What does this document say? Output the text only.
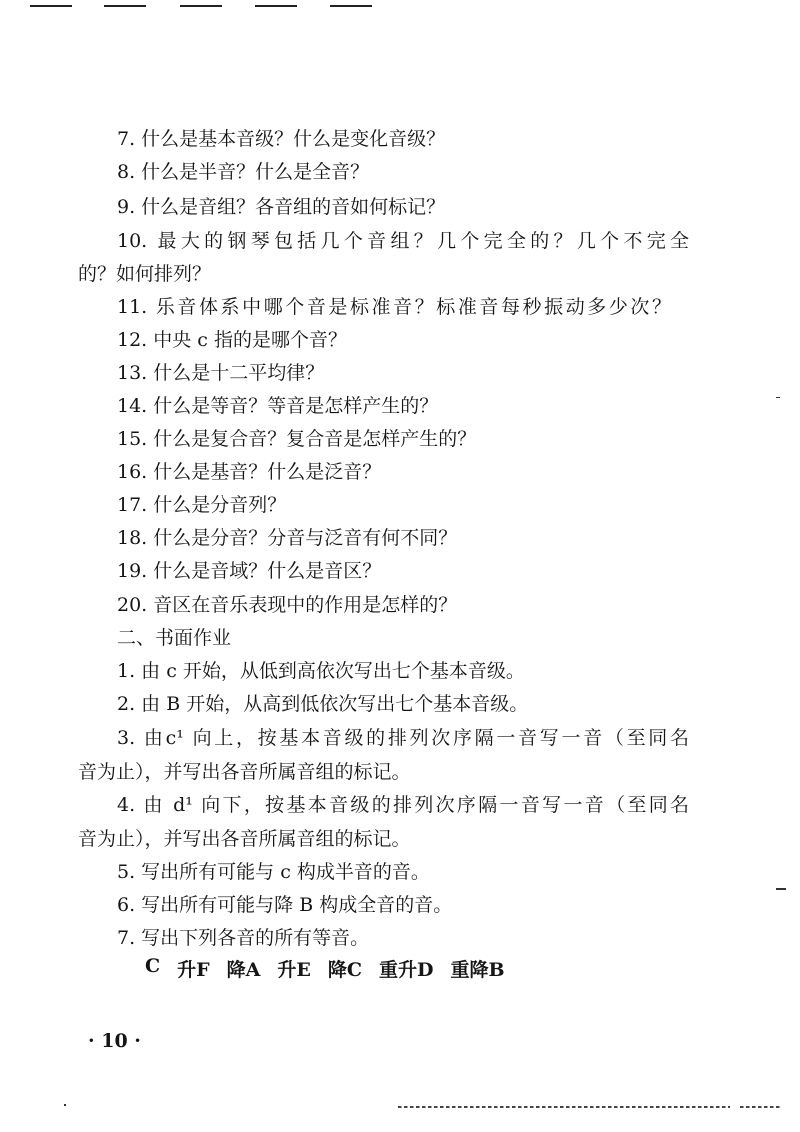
7. 什么是基本音级？什么是变化音级？
8. 什么是半音？什么是全音？
9. 什么是音组？各音组的音如何标记？
10. 最大的钢琴包括几个音组？几个完全的？几个不完全
的？如何排列？
11. 乐音体系中哪个音是标准音？标准音每秒振动多少次？
12. 中央 c 指的是哪个音？
13. 什么是十二平均律？
14. 什么是等音？等音是怎样产生的？
15. 什么是复合音？复合音是怎样产生的？
16. 什么是基音？什么是泛音？
17. 什么是分音列？
18. 什么是分音？分音与泛音有何不同？
19. 什么是音域？什么是音区？
20. 音区在音乐表现中的作用是怎样的？
二、书面作业
1. 由 c 开始，从低到高依次写出七个基本音级。
2. 由 B 开始，从高到低依次写出七个基本音级。
3. 由c¹ 向上，按基本音级的排列次序隔一音写一音（至同名
音为止），并写出各音所属音组的标记。
4. 由 d¹ 向下，按基本音级的排列次序隔一音写一音（至同名
音为止），并写出各音所属音组的标记。
5. 写出所有可能与 c 构成半音的音。
6. 写出所有可能与降 B 构成全音的音。
7. 写出下列各音的所有等音。
C 升F 降A 升E 降C 重升D 重降B
· 10 ·
